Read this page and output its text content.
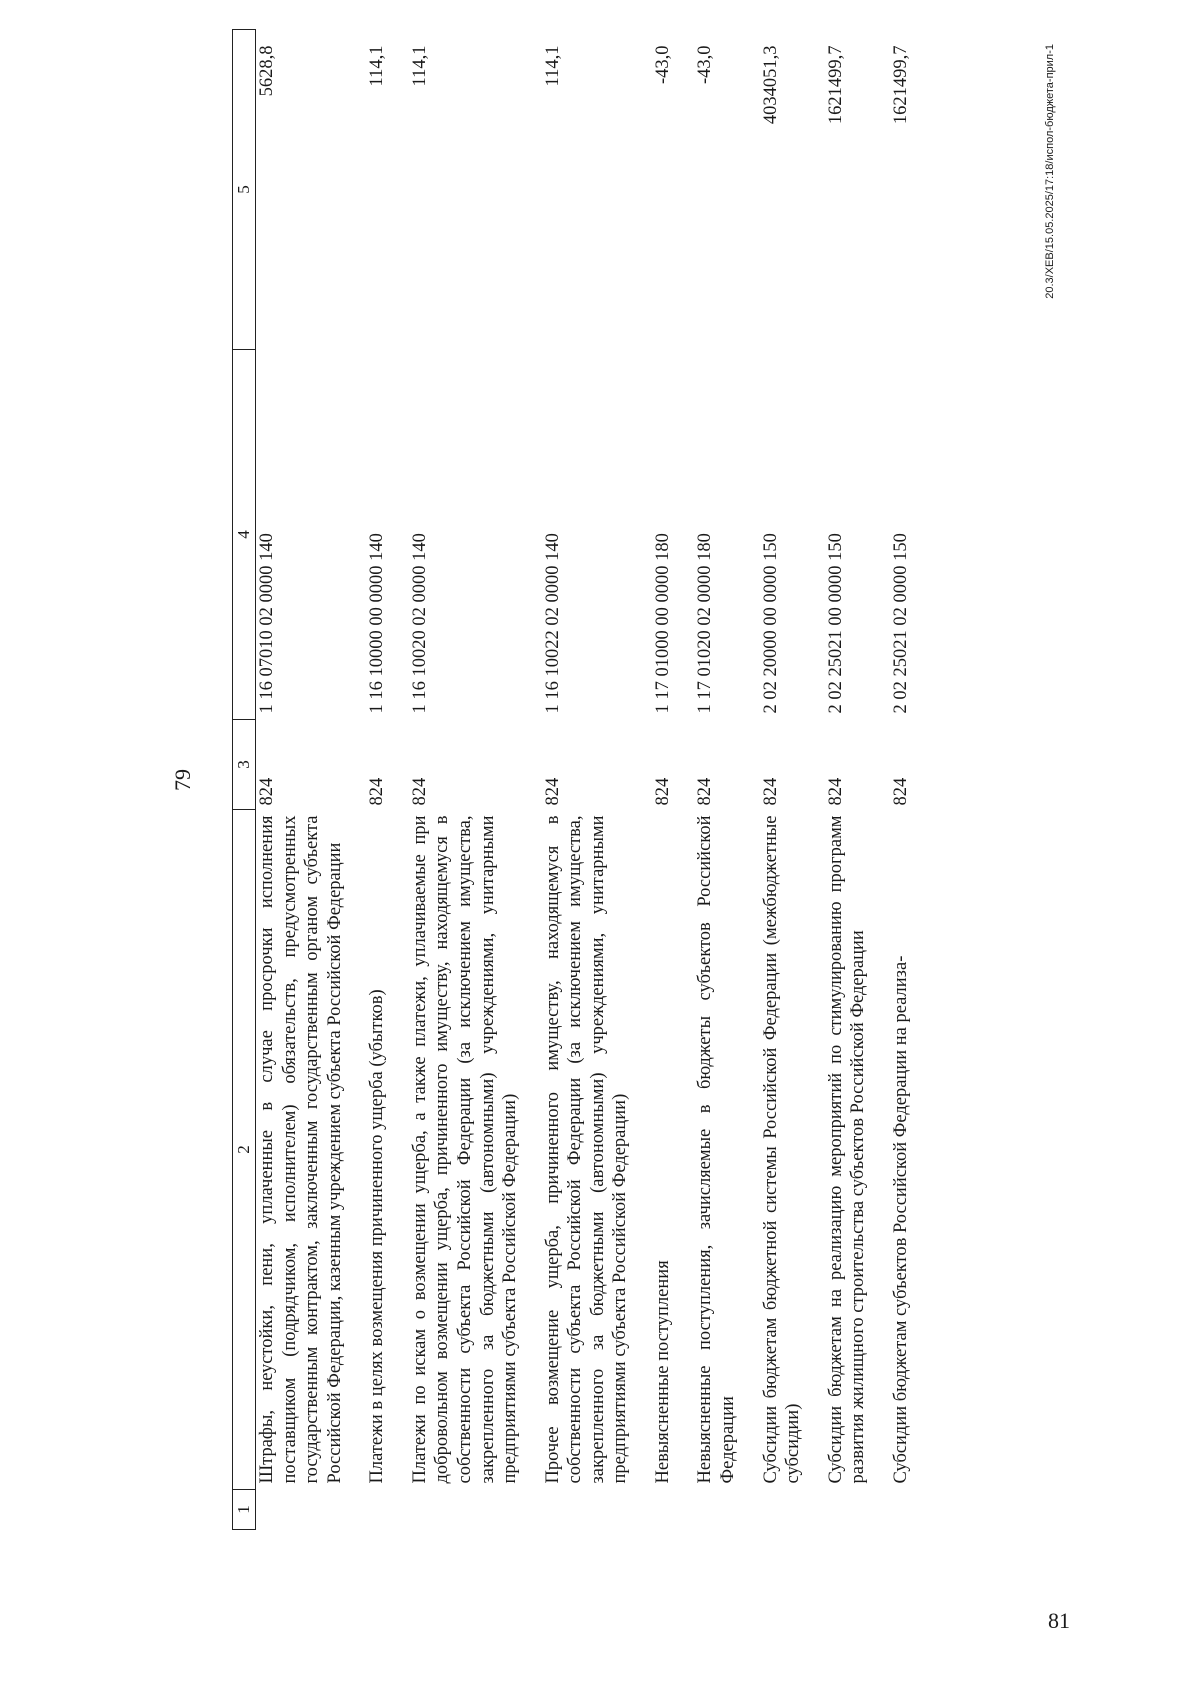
79
1	2	3	4	5
	Штрафы, неустойки, пени, уплаченные в случае просрочки исполнения поставщиком (подрядчиком, исполнителем) обязательств, предусмотренных государственным контрактом, заключенным государственным органом субъекта Российской Федерации, казенным учреждением субъекта Российской Федерации	824	1 16 07010 02 0000 140	5628,8
	Платежи в целях возмещения причиненного ущерба (убытков)	824	1 16 10000 00 0000 140	114,1
	Платежи по искам о возмещении ущерба, а также платежи, уплачиваемые при добровольном возмещении ущерба, причиненного имуществу, находящемуся в собственности субъекта Российской Федерации (за исключением имущества, закрепленного за бюджетными (автономными) учреждениями, унитарными предприятиями субъекта Российской Федерации)	824	1 16 10020 02 0000 140	114,1
	Прочее возмещение ущерба, причиненного имуществу, находящемуся в собственности субъекта Российской Федерации (за исключением имущества, закрепленного за бюджетными (автономными) учреждениями, унитарными предприятиями субъекта Российской Федерации)	824	1 16 10022 02 0000 140	114,1
	Невыясненные поступления	824	1 17 01000 00 0000 180	-43,0
	Невыясненные поступления, зачисляемые в бюджеты субъектов Российской Федерации	824	1 17 01020 02 0000 180	-43,0
	Субсидии бюджетам бюджетной системы Российской Федерации (межбюджетные субсидии)	824	2 02 20000 00 0000 150	4034051,3
	Субсидии бюджетам на реализацию мероприятий по стимулированию программ развития жилищного строительства субъектов Российской Федерации	824	2 02 25021 00 0000 150	1621499,7
	Субсидии бюджетам субъектов Российской Федерации на реализа-	824	2 02 25021 02 0000 150	1621499,7	20.3/XEB/15.05.2025/17:18/испол-бюджета-прил-1
81
